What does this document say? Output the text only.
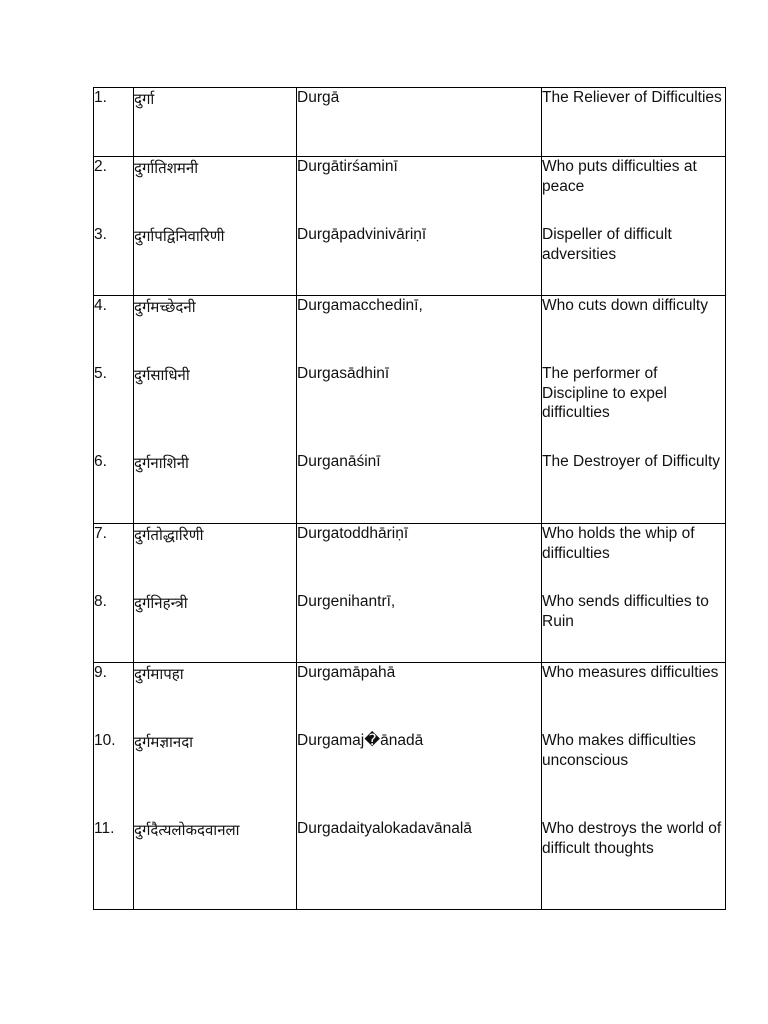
1.	दुर्गा	Durgā	The Reliever of Difficulties
2.	दुर्गातिशमनी	Durgātirśaminī	Who puts difficulties at peace
3.	दुर्गापद्विनिवारिणी	Durgāpadvinivāriṇī	Dispeller of difficult adversities
4.	दुर्गमच्छेदनी	Durgamacchedinī,	Who cuts down difficulty
5.	दुर्गसाधिनी	Durgasādhinī	The performer of Discipline to expel difficulties
6.	दुर्गनाशिनी	Durganāśinī	The Destroyer of Difficulty
7.	दुर्गतोद्धारिणी	Durgatoddhāriṇī	Who holds the whip of difficulties
8.	दुर्गनिहन्त्री	Durgenihantrī,	Who sends difficulties to Ruin
9.	दुर्गमापहा	Durgamāpahā	Who measures difficulties
10.	दुर्गमज्ञानदा	Durgamaj�ānadā	Who makes difficulties unconscious
11.	दुर्गदैत्यलोकदवानला	Durgadaityalokadavānalā	Who destroys the world of difficult thoughts
